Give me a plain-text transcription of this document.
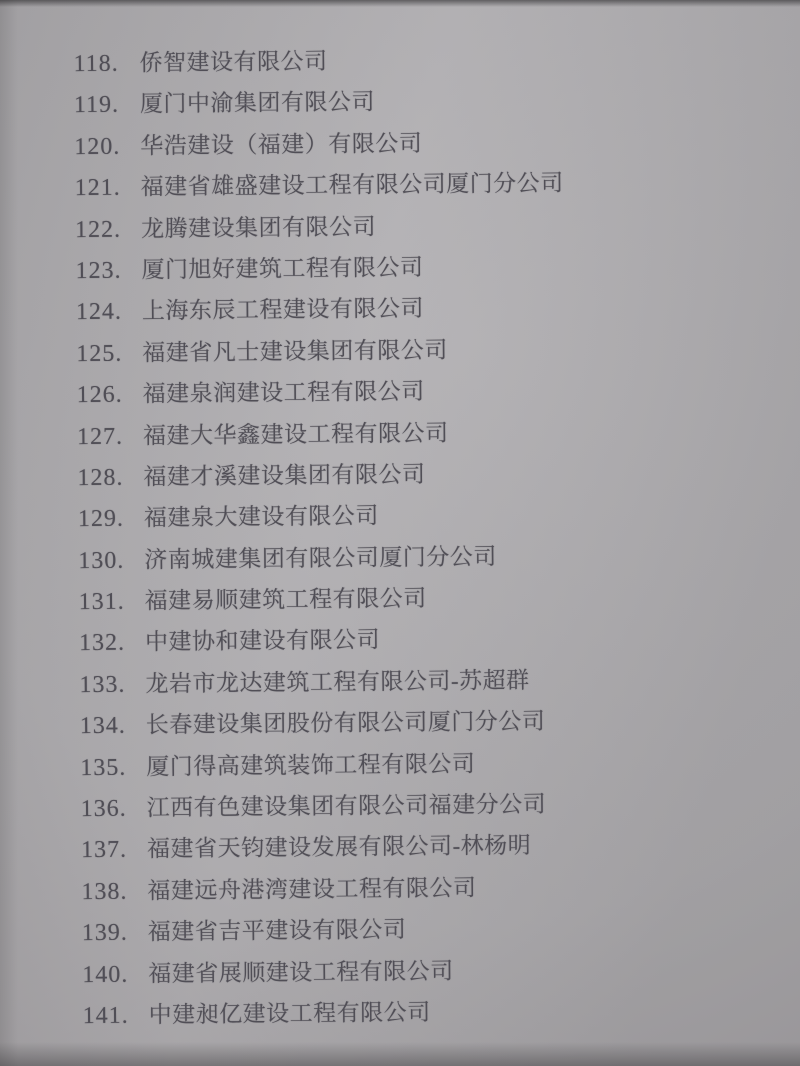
118. 侨智建设有限公司
119. 厦门中渝集团有限公司
120. 华浩建设（福建）有限公司
121. 福建省雄盛建设工程有限公司厦门分公司
122. 龙腾建设集团有限公司
123. 厦门旭好建筑工程有限公司
124. 上海东辰工程建设有限公司
125. 福建省凡士建设集团有限公司
126. 福建泉润建设工程有限公司
127. 福建大华鑫建设工程有限公司
128. 福建才溪建设集团有限公司
129. 福建泉大建设有限公司
130. 济南城建集团有限公司厦门分公司
131. 福建易顺建筑工程有限公司
132. 中建协和建设有限公司
133. 龙岩市龙达建筑工程有限公司-苏超群
134. 长春建设集团股份有限公司厦门分公司
135. 厦门得高建筑装饰工程有限公司
136. 江西有色建设集团有限公司福建分公司
137. 福建省天钧建设发展有限公司-林杨明
138. 福建远舟港湾建设工程有限公司
139. 福建省吉平建设有限公司
140. 福建省展顺建设工程有限公司
141. 中建昶亿建设工程有限公司
